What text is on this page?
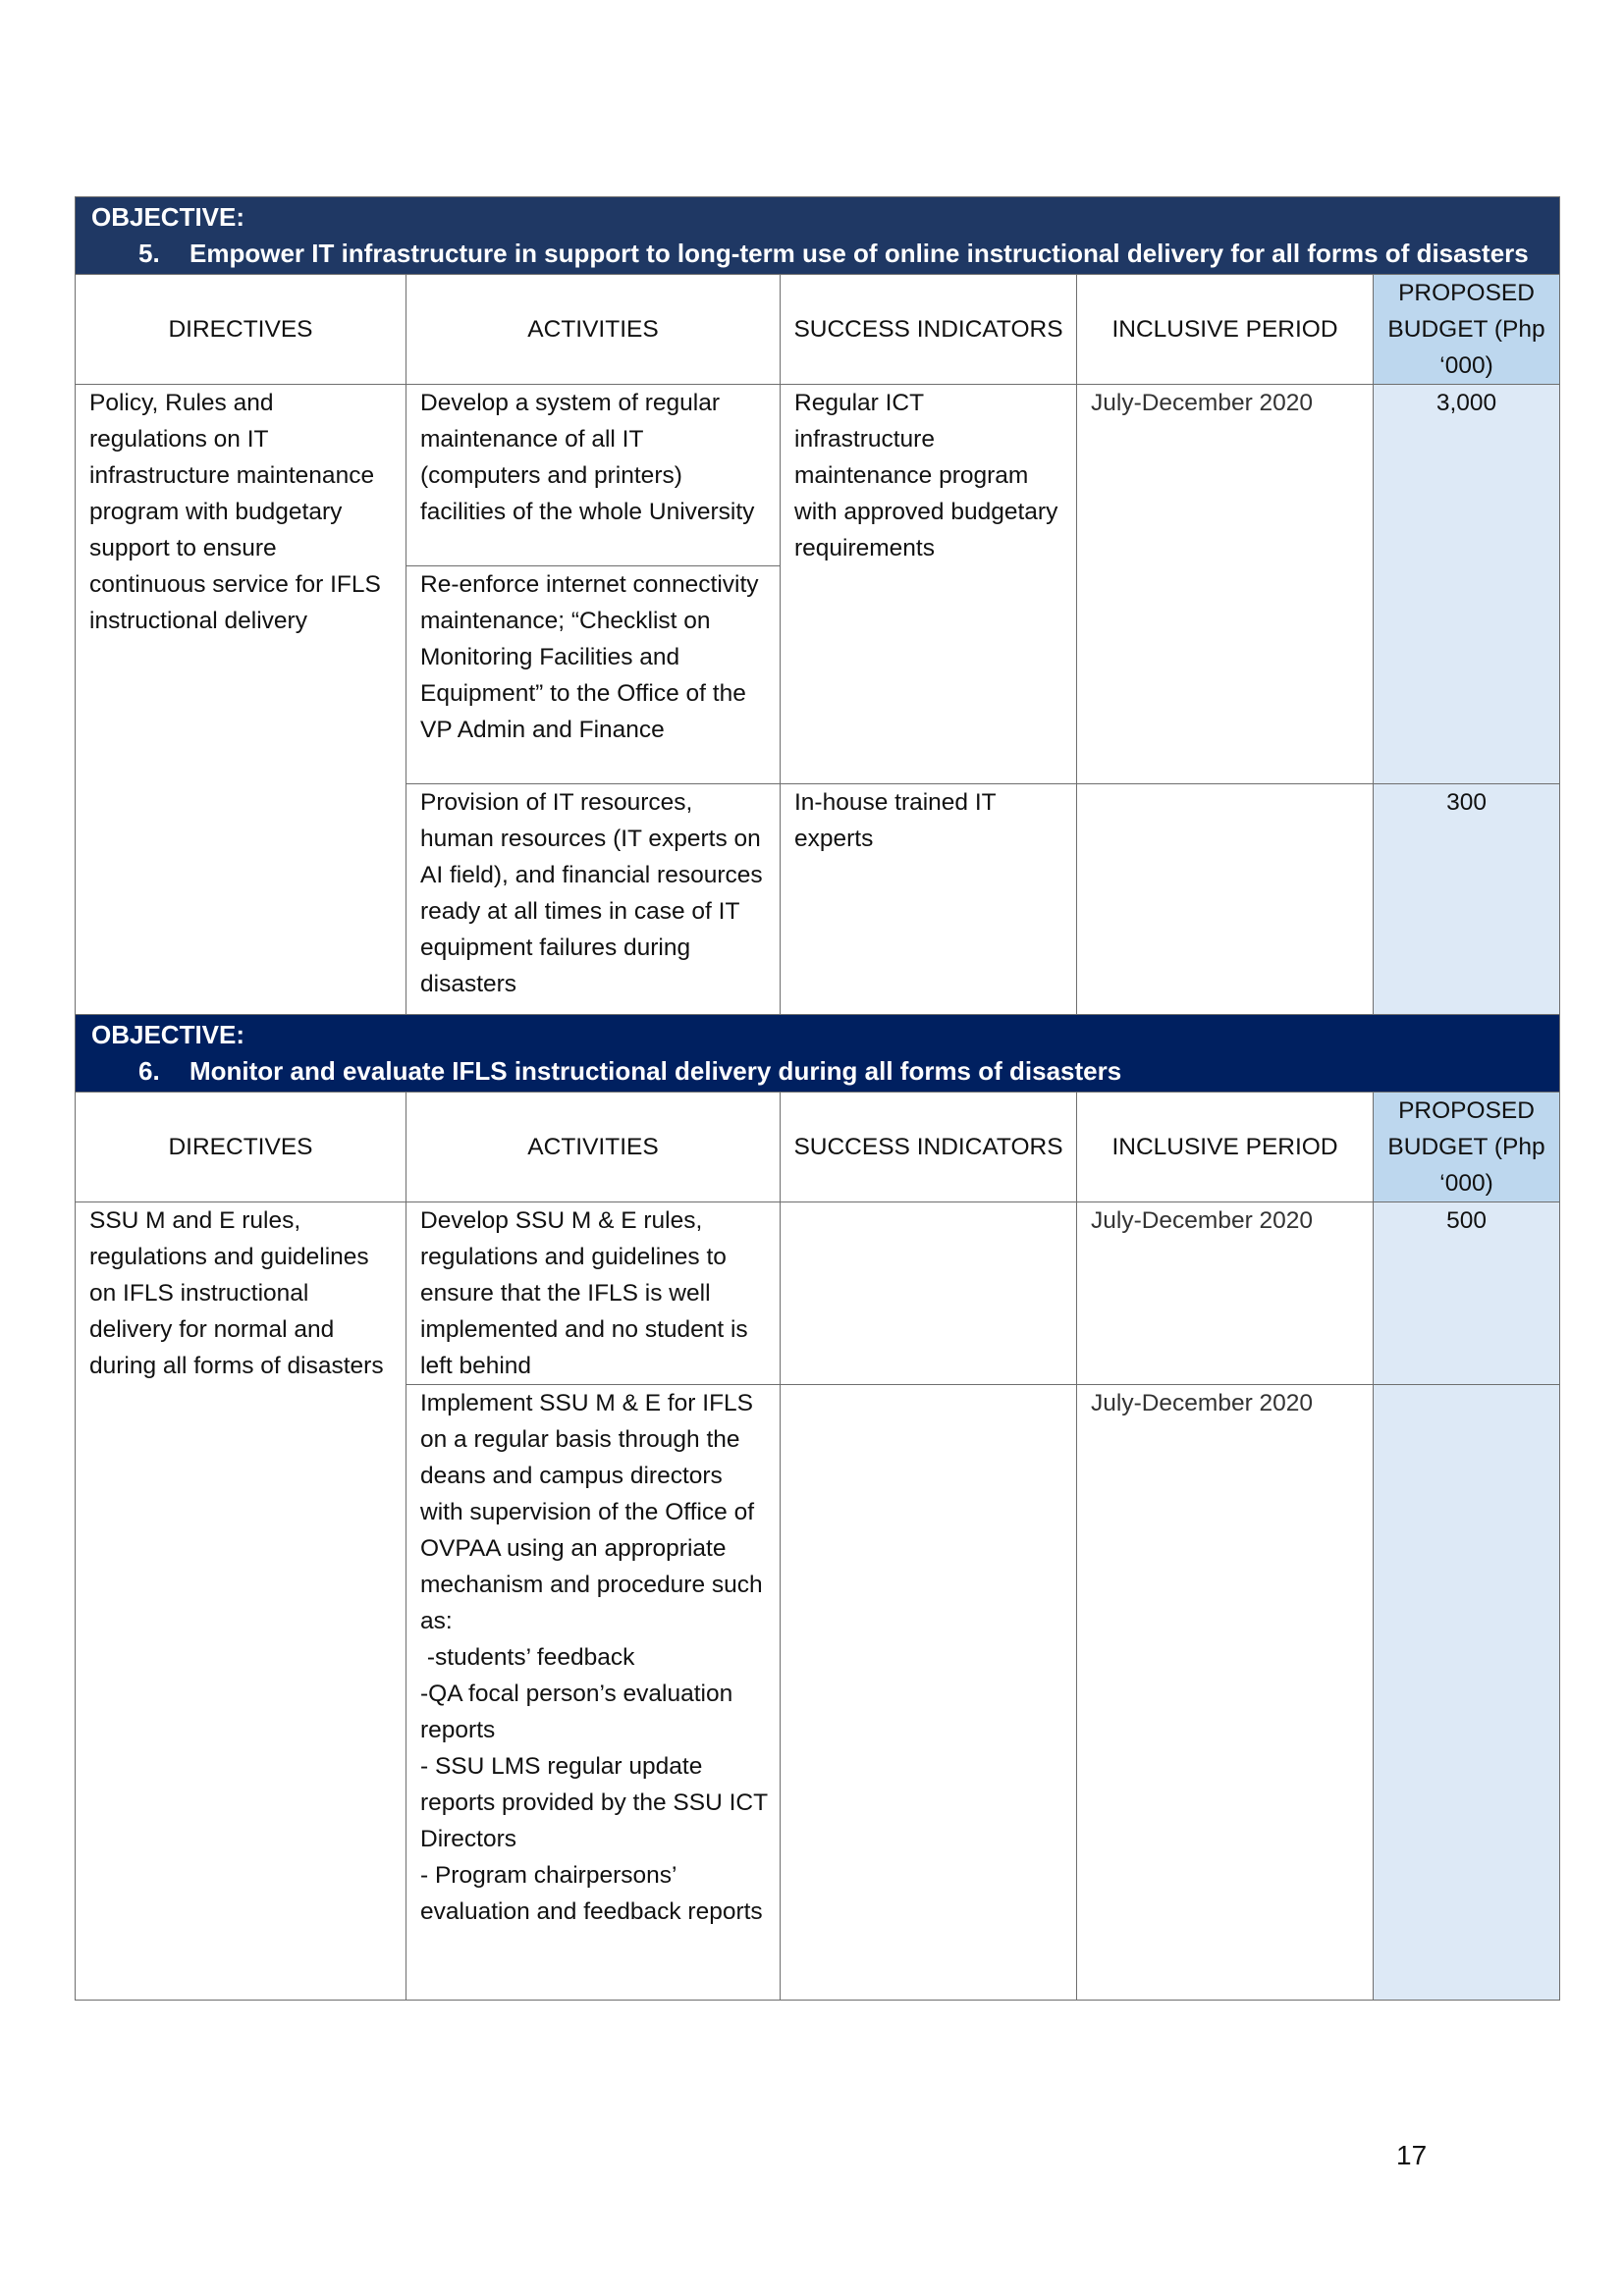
OBJECTIVE:
5. Empower IT infrastructure in support to long-term use of online instructional delivery for all forms of disasters				

DIRECTIVES	ACTIVITIES	SUCCESS INDICATORS	INCLUSIVE PERIOD	PROPOSED BUDGET (Php ‘000)
Policy, Rules and regulations on IT infrastructure maintenance program with budgetary support to ensure continuous service for IFLS instructional delivery	Develop a system of regular maintenance of all IT (computers and printers) facilities of the whole University	Regular ICT infrastructure maintenance program with approved budgetary requirements	July-December 2020	3,000
	Re-enforce internet connectivity maintenance; “Checklist on Monitoring Facilities and Equipment” to the Office of the VP Admin and Finance			
	Provision of IT resources, human resources (IT experts on AI field), and financial resources ready at all times in case of IT equipment failures during disasters	In-house trained IT experts		300

OBJECTIVE:
6. Monitor and evaluate IFLS instructional delivery during all forms of disasters				

DIRECTIVES	ACTIVITIES	SUCCESS INDICATORS	INCLUSIVE PERIOD	PROPOSED BUDGET (Php ‘000)
SSU M and E rules, regulations and guidelines on IFLS instructional delivery for normal and during all forms of disasters	Develop SSU M & E rules, regulations and guidelines to ensure that the IFLS is well implemented and no student is left behind		July-December 2020	500
	Implement SSU M & E for IFLS on a regular basis through the deans and campus directors with supervision of the Office of OVPAA using an appropriate mechanism and procedure such as:
-students’ feedback
-QA focal person’s evaluation reports
- SSU LMS regular update reports provided by the SSU ICT Directors
- Program chairpersons’ evaluation and feedback reports		July-December 2020	
17
